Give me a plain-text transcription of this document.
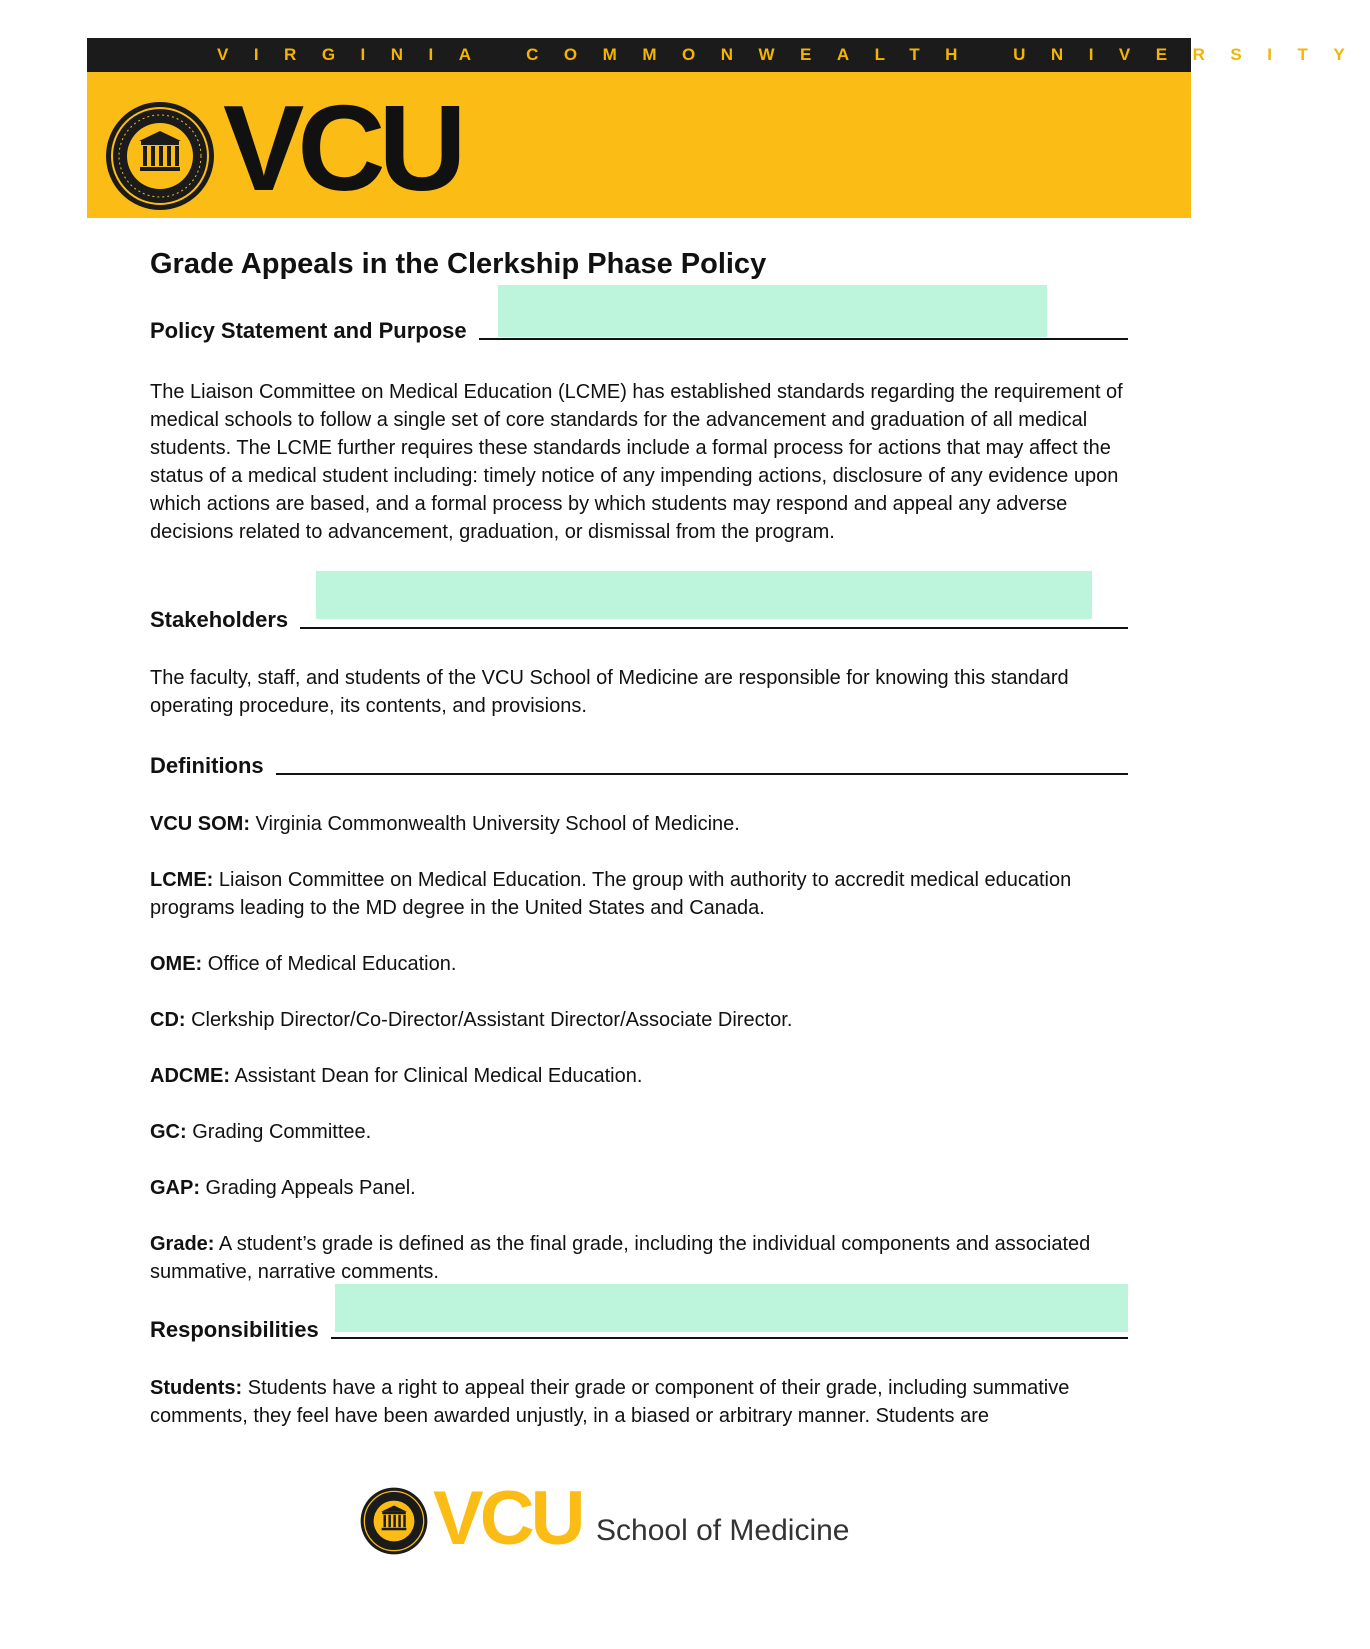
VIRGINIA COMMONWEALTH UNIVERSITY
VCU
Grade Appeals in the Clerkship Phase Policy
Policy Statement and Purpose

The Liaison Committee on Medical Education (LCME) has established standards regarding the requirement of medical schools to follow a single set of core standards for the advancement and graduation of all medical students. The LCME further requires these standards include a formal process for actions that may affect the status of a medical student including: timely notice of any impending actions, disclosure of any evidence upon which actions are based, and a formal process by which students may respond and appeal any adverse decisions related to advancement, graduation, or dismissal from the program.

Stakeholders

The faculty, staff, and students of the VCU School of Medicine are responsible for knowing this standard operating procedure, its contents, and provisions.

Definitions

VCU SOM: Virginia Commonwealth University School of Medicine.

LCME: Liaison Committee on Medical Education. The group with authority to accredit medical education programs leading to the MD degree in the United States and Canada.

OME: Office of Medical Education.

CD: Clerkship Director/Co-Director/Assistant Director/Associate Director.

ADCME: Assistant Dean for Clinical Medical Education.

GC: Grading Committee.

GAP: Grading Appeals Panel.

Grade: A student’s grade is defined as the final grade, including the individual components and associated summative, narrative comments.

Responsibilities

Students: Students have a right to appeal their grade or component of their grade, including summative comments, they feel have been awarded unjustly, in a biased or arbitrary manner. Students are

VCU School of Medicine
